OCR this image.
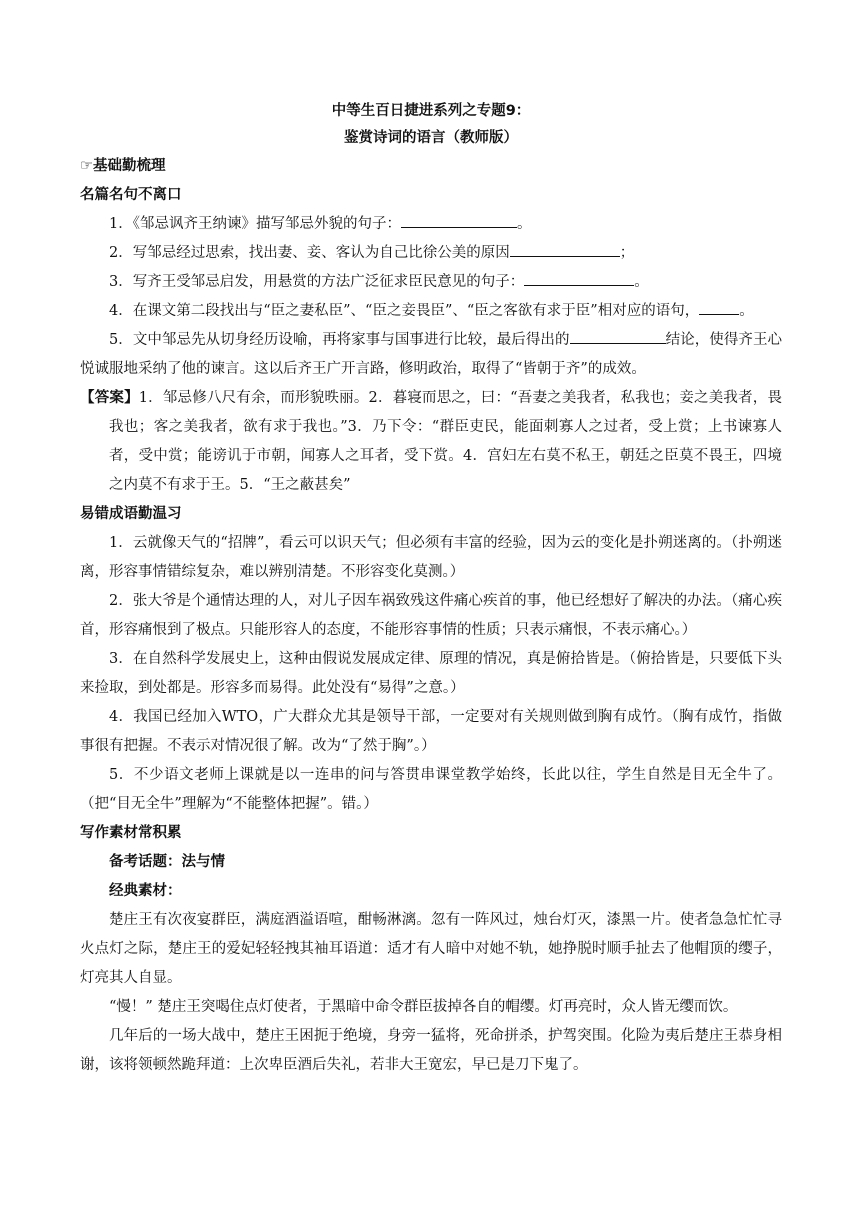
中等生百日捷进系列之专题9：
鉴赏诗词的语言（教师版）
☞基础勤梳理
名篇名句不离口

1．《邹忌讽齐王纳谏》描写邹忌外貌的句子：	。

2．写邹忌经过思索，找出妻、妾、客认为自己比徐公美的原因	；

3．写齐王受邹忌启发，用悬赏的方法广泛征求臣民意见的句子：	。

4．在课文第二段找出与“臣之妻私臣”、“臣之妾畏臣”、“臣之客欲有求于臣”相对应的语句，	。

5．文中邹忌先从切身经历设喻，再将家事与国事进行比较，最后得出的	结论，使得齐王心悦诚服地采纳了他的谏言。这以后齐王广开言路，修明政治，取得了“皆朝于齐”的成效。

【答案】1．邹忌修八尺有余，而形貌昳丽。2．暮寝而思之，曰：“吾妻之美我者，私我也；妾之美我者，畏我也；客之美我者，欲有求于我也。”3．乃下令：“群臣吏民，能面刺寡人之过者，受上赏；上书谏寡人者，受中赏；能谤讥于市朝，闻寡人之耳者，受下赏。4．宫妇左右莫不私王，朝廷之臣莫不畏王，四境之内莫不有求于王。5．“王之蔽甚矣”

易错成语勤温习

1．云就像天气的“招牌”，看云可以识天气；但必须有丰富的经验，因为云的变化是扑朔迷离的。（扑朔迷离，形容事情错综复杂，难以辨别清楚。不形容变化莫测。）

2．张大爷是个通情达理的人，对儿子因车祸致残这件痛心疾首的事，他已经想好了解决的办法。（痛心疾首，形容痛恨到了极点。只能形容人的态度，不能形容事情的性质；只表示痛恨，不表示痛心。）

3．在自然科学发展史上，这种由假说发展成定律、原理的情况，真是俯拾皆是。（俯拾皆是，只要低下头来捡取，到处都是。形容多而易得。此处没有“易得”之意。）

4．我国已经加入WTO，广大群众尤其是领导干部，一定要对有关规则做到胸有成竹。（胸有成竹，指做事很有把握。不表示对情况很了解。改为“了然于胸”。）

5．不少语文老师上课就是以一连串的问与答贯串课堂教学始终，长此以往，学生自然是目无全牛了。（把“目无全牛”理解为“不能整体把握”。错。）

写作素材常积累
备考话题：法与情
经典素材：

楚庄王有次夜宴群臣，满庭酒溢语喧，酣畅淋漓。忽有一阵风过，烛台灯灭，漆黑一片。使者急急忙忙寻火点灯之际，楚庄王的爱妃轻轻拽其袖耳语道：适才有人暗中对她不轨，她挣脱时顺手扯去了他帽顶的缨子，灯亮其人自显。

“慢！” 楚庄王突喝住点灯使者，于黑暗中命令群臣拔掉各自的帽缨。灯再亮时，众人皆无缨而饮。

几年后的一场大战中，楚庄王困扼于绝境，身旁一猛将，死命拼杀，护驾突围。化险为夷后楚庄王恭身相谢，该将领顿然跪拜道：上次卑臣酒后失礼，若非大王宽宏，早已是刀下鬼了。
